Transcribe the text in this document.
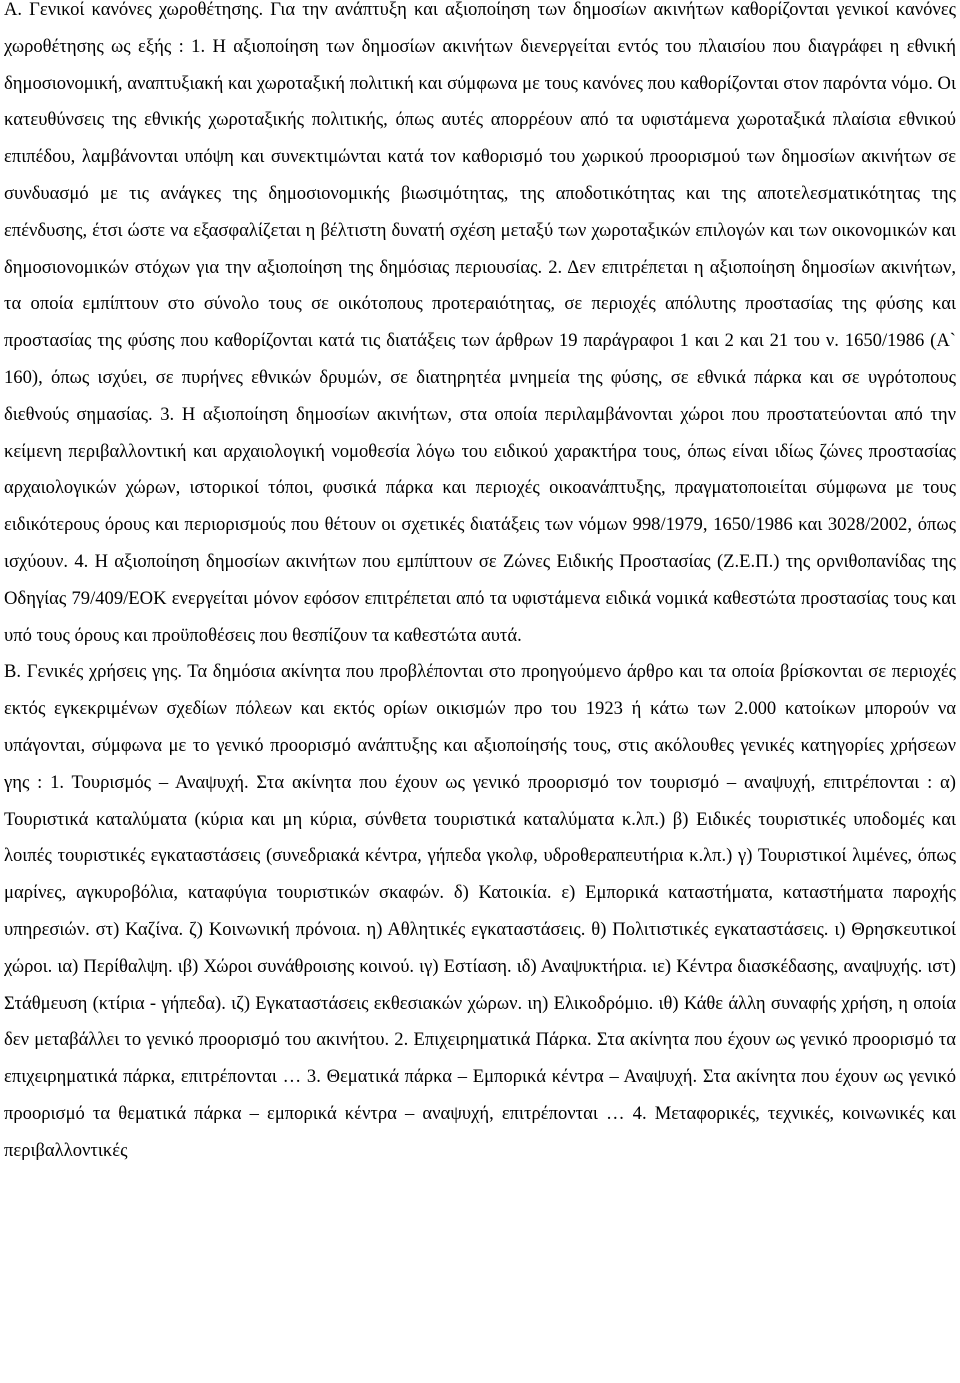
Α. Γενικοί κανόνες χωροθέτησης. Για την ανάπτυξη και αξιοποίηση των δημοσίων ακινήτων καθορίζονται γενικοί κανόνες χωροθέτησης ως εξής : 1. Η αξιοποίηση των δημοσίων ακινήτων διενεργείται εντός του πλαισίου που διαγράφει η εθνική δημοσιονομική, αναπτυξιακή και χωροταξική πολιτική και σύμφωνα με τους κανόνες που καθορίζονται στον παρόντα νόμο. Οι κατευθύνσεις της εθνικής χωροταξικής πολιτικής, όπως αυτές απορρέουν από τα υφιστάμενα χωροταξικά πλαίσια εθνικού επιπέδου, λαμβάνονται υπόψη και συνεκτιμώνται κατά τον καθορισμό του χωρικού προορισμού των δημοσίων ακινήτων σε συνδυασμό με τις ανάγκες της δημοσιονομικής βιωσιμότητας, της αποδοτικότητας και της αποτελεσματικότητας της επένδυσης, έτσι ώστε να εξασφαλίζεται η βέλτιστη δυνατή σχέση μεταξύ των χωροταξικών επιλογών και των οικονομικών και δημοσιονομικών στόχων για την αξιοποίηση της δημόσιας περιουσίας. 2. Δεν επιτρέπεται η αξιοποίηση δημοσίων ακινήτων, τα οποία εμπίπτουν στο σύνολο τους σε οικότοπους προτεραιότητας, σε περιοχές απόλυτης προστασίας της φύσης και προστασίας της φύσης που καθορίζονται κατά τις διατάξεις των άρθρων 19 παράγραφοι 1 και 2 και 21 του ν. 1650/1986 (Α` 160), όπως ισχύει, σε πυρήνες εθνικών δρυμών, σε διατηρητέα μνημεία της φύσης, σε εθνικά πάρκα και σε υγρότοπους διεθνούς σημασίας. 3. Η αξιοποίηση δημοσίων ακινήτων, στα οποία περιλαμβάνονται χώροι που προστατεύονται από την κείμενη περιβαλλοντική και αρχαιολογική νομοθεσία λόγω του ειδικού χαρακτήρα τους, όπως είναι ιδίως ζώνες προστασίας αρχαιολογικών χώρων, ιστορικοί τόποι, φυσικά πάρκα και περιοχές οικοανάπτυξης, πραγματοποιείται σύμφωνα με τους ειδικότερους όρους και περιορισμούς που θέτουν οι σχετικές διατάξεις των νόμων 998/1979, 1650/1986 και 3028/2002, όπως ισχύουν. 4. Η αξιοποίηση δημοσίων ακινήτων που εμπίπτουν σε Ζώνες Ειδικής Προστασίας (Ζ.Ε.Π.) της ορνιθοπανίδας της Οδηγίας 79/409/ΕΟΚ ενεργείται μόνον εφόσον επιτρέπεται από τα υφιστάμενα ειδικά νομικά καθεστώτα προστασίας τους και υπό τους όρους και προϋποθέσεις που θεσπίζουν τα καθεστώτα αυτά.

Β. Γενικές χρήσεις γης. Τα δημόσια ακίνητα που προβλέπονται στο προηγούμενο άρθρο και τα οποία βρίσκονται σε περιοχές εκτός εγκεκριμένων σχεδίων πόλεων και εκτός ορίων οικισμών προ του 1923 ή κάτω των 2.000 κατοίκων μπορούν να υπάγονται, σύμφωνα με το γενικό προορισμό ανάπτυξης και αξιοποίησής τους, στις ακόλουθες γενικές κατηγορίες χρήσεων γης : 1. Τουρισμός – Αναψυχή. Στα ακίνητα που έχουν ως γενικό προορισμό τον τουρισμό – αναψυχή, επιτρέπονται : α) Τουριστικά καταλύματα (κύρια και μη κύρια, σύνθετα τουριστικά καταλύματα κ.λπ.) β) Ειδικές τουριστικές υποδομές και λοιπές τουριστικές εγκαταστάσεις (συνεδριακά κέντρα, γήπεδα γκολφ, υδροθεραπευτήρια κ.λπ.) γ) Τουριστικοί λιμένες, όπως μαρίνες, αγκυροβόλια, καταφύγια τουριστικών σκαφών. δ) Κατοικία. ε) Εμπορικά καταστήματα, καταστήματα παροχής υπηρεσιών. στ) Καζίνα. ζ) Κοινωνική πρόνοια. η) Αθλητικές εγκαταστάσεις. θ) Πολιτιστικές εγκαταστάσεις. ι) Θρησκευτικοί χώροι. ια) Περίθαλψη. ιβ) Χώροι συνάθροισης κοινού. ιγ) Εστίαση. ιδ) Αναψυκτήρια. ιε) Κέντρα διασκέδασης, αναψυχής. ιστ) Στάθμευση (κτίρια - γήπεδα). ιζ) Εγκαταστάσεις εκθεσιακών χώρων. ιη) Ελικοδρόμιο. ιθ) Κάθε άλλη συναφής χρήση, η οποία δεν μεταβάλλει το γενικό προορισμό του ακινήτου. 2. Επιχειρηματικά Πάρκα. Στα ακίνητα που έχουν ως γενικό προορισμό τα επιχειρηματικά πάρκα, επιτρέπονται … 3. Θεματικά πάρκα – Εμπορικά κέντρα – Αναψυχή. Στα ακίνητα που έχουν ως γενικό προορισμό τα θεματικά πάρκα – εμπορικά κέντρα – αναψυχή, επιτρέπονται … 4. Μεταφορικές, τεχνικές, κοινωνικές και περιβαλλοντικές
